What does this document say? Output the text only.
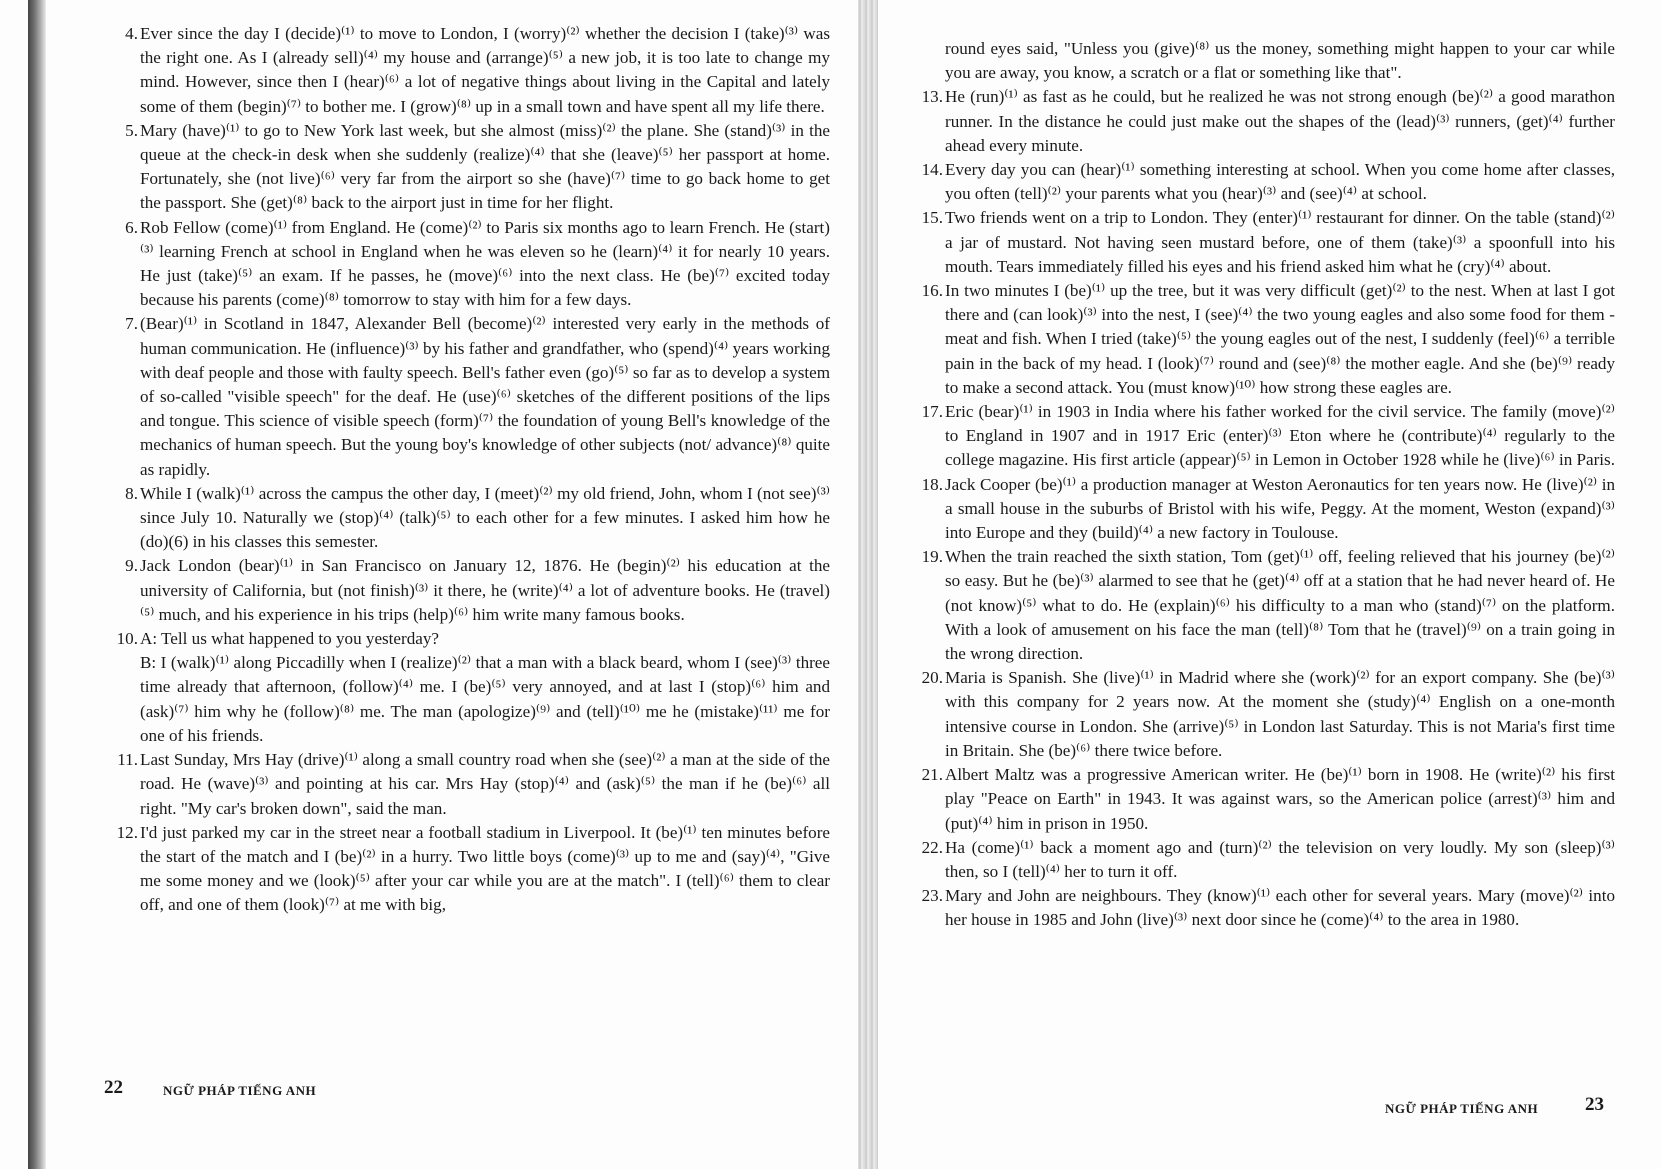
4. Ever since the day I (decide)⁽¹⁾ to move to London, I (worry)⁽²⁾ whether the decision I (take)⁽³⁾ was the right one. As I (already sell)⁽⁴⁾ my house and (arrange)⁽⁵⁾ a new job, it is too late to change my mind. However, since then I (hear)⁽⁶⁾ a lot of negative things about living in the Capital and lately some of them (begin)⁽⁷⁾ to bother me. I (grow)⁽⁸⁾ up in a small town and have spent all my life there.

5. Mary (have)⁽¹⁾ to go to New York last week, but she almost (miss)⁽²⁾ the plane. She (stand)⁽³⁾ in the queue at the check-in desk when she suddenly (realize)⁽⁴⁾ that she (leave)⁽⁵⁾ her passport at home. Fortunately, she (not live)⁽⁶⁾ very far from the airport so she (have)⁽⁷⁾ time to go back home to get the passport. She (get)⁽⁸⁾ back to the airport just in time for her flight.

6. Rob Fellow (come)⁽¹⁾ from England. He (come)⁽²⁾ to Paris six months ago to learn French. He (start)⁽³⁾ learning French at school in England when he was eleven so he (learn)⁽⁴⁾ it for nearly 10 years. He just (take)⁽⁵⁾ an exam. If he passes, he (move)⁽⁶⁾ into the next class. He (be)⁽⁷⁾ excited today because his parents (come)⁽⁸⁾ tomorrow to stay with him for a few days.

7. (Bear)⁽¹⁾ in Scotland in 1847, Alexander Bell (become)⁽²⁾ interested very early in the methods of human communication. He (influence)⁽³⁾ by his father and grandfather, who (spend)⁽⁴⁾ years working with deaf people and those with faulty speech. Bell's father even (go)⁽⁵⁾ so far as to develop a system of so-called "visible speech" for the deaf. He (use)⁽⁶⁾ sketches of the different positions of the lips and tongue. This science of visible speech (form)⁽⁷⁾ the foundation of young Bell's knowledge of the mechanics of human speech. But the young boy's knowledge of other subjects (not/ advance)⁽⁸⁾ quite as rapidly.

8. While I (walk)⁽¹⁾ across the campus the other day, I (meet)⁽²⁾ my old friend, John, whom I (not see)⁽³⁾ since July 10. Naturally we (stop)⁽⁴⁾ (talk)⁽⁵⁾ to each other for a few minutes. I asked him how he (do)(6) in his classes this semester.

9. Jack London (bear)⁽¹⁾ in San Francisco on January 12, 1876. He (begin)⁽²⁾ his education at the university of California, but (not finish)⁽³⁾ it there, he (write)⁽⁴⁾ a lot of adventure books. He (travel)⁽⁵⁾ much, and his experience in his trips (help)⁽⁶⁾ him write many famous books.

10. A: Tell us what happened to you yesterday?

B: I (walk)⁽¹⁾ along Piccadilly when I (realize)⁽²⁾ that a man with a black beard, whom I (see)⁽³⁾ three time already that afternoon, (follow)⁽⁴⁾ me. I (be)⁽⁵⁾ very annoyed, and at last I (stop)⁽⁶⁾ him and (ask)⁽⁷⁾ him why he (follow)⁽⁸⁾ me. The man (apologize)⁽⁹⁾ and (tell)⁽¹⁰⁾ me he (mistake)⁽¹¹⁾ me for one of his friends.

11. Last Sunday, Mrs Hay (drive)⁽¹⁾ along a small country road when she (see)⁽²⁾ a man at the side of the road. He (wave)⁽³⁾ and pointing at his car. Mrs Hay (stop)⁽⁴⁾ and (ask)⁽⁵⁾ the man if he (be)⁽⁶⁾ all right. "My car's broken down", said the man.

12. I'd just parked my car in the street near a football stadium in Liverpool. It (be)⁽¹⁾ ten minutes before the start of the match and I (be)⁽²⁾ in a hurry. Two little boys (come)⁽³⁾ up to me and (say)⁽⁴⁾, "Give me some money and we (look)⁽⁵⁾ after your car while you are at the match". I (tell)⁽⁶⁾ them to clear off, and one of them (look)⁽⁷⁾ at me with big,

22	NGỮ PHÁP TIẾNG ANH

round eyes said, "Unless you (give)⁽⁸⁾ us the money, something might happen to your car while you are away, you know, a scratch or a flat or something like that".

13. He (run)⁽¹⁾ as fast as he could, but he realized he was not strong enough (be)⁽²⁾ a good marathon runner. In the distance he could just make out the shapes of the (lead)⁽³⁾ runners, (get)⁽⁴⁾ further ahead every minute.

14. Every day you can (hear)⁽¹⁾ something interesting at school. When you come home after classes, you often (tell)⁽²⁾ your parents what you (hear)⁽³⁾ and (see)⁽⁴⁾ at school.

15. Two friends went on a trip to London. They (enter)⁽¹⁾ restaurant for dinner. On the table (stand)⁽²⁾ a jar of mustard. Not having seen mustard before, one of them (take)⁽³⁾ a spoonfull into his mouth. Tears immediately filled his eyes and his friend asked him what he (cry)⁽⁴⁾ about.

16. In two minutes I (be)⁽¹⁾ up the tree, but it was very difficult (get)⁽²⁾ to the nest. When at last I got there and (can look)⁽³⁾ into the nest, I (see)⁽⁴⁾ the two young eagles and also some food for them - meat and fish. When I tried (take)⁽⁵⁾ the young eagles out of the nest, I suddenly (feel)⁽⁶⁾ a terrible pain in the back of my head. I (look)⁽⁷⁾ round and (see)⁽⁸⁾ the mother eagle. And she (be)⁽⁹⁾ ready to make a second attack. You (must know)⁽¹⁰⁾ how strong these eagles are.

17. Eric (bear)⁽¹⁾ in 1903 in India where his father worked for the civil service. The family (move)⁽²⁾ to England in 1907 and in 1917 Eric (enter)⁽³⁾ Eton where he (contribute)⁽⁴⁾ regularly to the college magazine. His first article (appear)⁽⁵⁾ in Lemon in October 1928 while he (live)⁽⁶⁾ in Paris.

18. Jack Cooper (be)⁽¹⁾ a production manager at Weston Aeronautics for ten years now. He (live)⁽²⁾ in a small house in the suburbs of Bristol with his wife, Peggy. At the moment, Weston (expand)⁽³⁾ into Europe and they (build)⁽⁴⁾ a new factory in Toulouse.

19. When the train reached the sixth station, Tom (get)⁽¹⁾ off, feeling relieved that his journey (be)⁽²⁾ so easy. But he (be)⁽³⁾ alarmed to see that he (get)⁽⁴⁾ off at a station that he had never heard of. He (not know)⁽⁵⁾ what to do. He (explain)⁽⁶⁾ his difficulty to a man who (stand)⁽⁷⁾ on the platform. With a look of amusement on his face the man (tell)⁽⁸⁾ Tom that he (travel)⁽⁹⁾ on a train going in the wrong direction.

20. Maria is Spanish. She (live)⁽¹⁾ in Madrid where she (work)⁽²⁾ for an export company. She (be)⁽³⁾ with this company for 2 years now. At the moment she (study)⁽⁴⁾ English on a one-month intensive course in London. She (arrive)⁽⁵⁾ in London last Saturday. This is not Maria's first time in Britain. She (be)⁽⁶⁾ there twice before.

21. Albert Maltz was a progressive American writer. He (be)⁽¹⁾ born in 1908. He (write)⁽²⁾ his first play "Peace on Earth" in 1943. It was against wars, so the American police (arrest)⁽³⁾ him and (put)⁽⁴⁾ him in prison in 1950.

22. Ha (come)⁽¹⁾ back a moment ago and (turn)⁽²⁾ the television on very loudly. My son (sleep)⁽³⁾ then, so I (tell)⁽⁴⁾ her to turn it off.

23. Mary and John are neighbours. They (know)⁽¹⁾ each other for several years. Mary (move)⁽²⁾ into her house in 1985 and John (live)⁽³⁾ next door since he (come)⁽⁴⁾ to the area in 1980.

NGỮ PHÁP TIẾNG ANH 23
